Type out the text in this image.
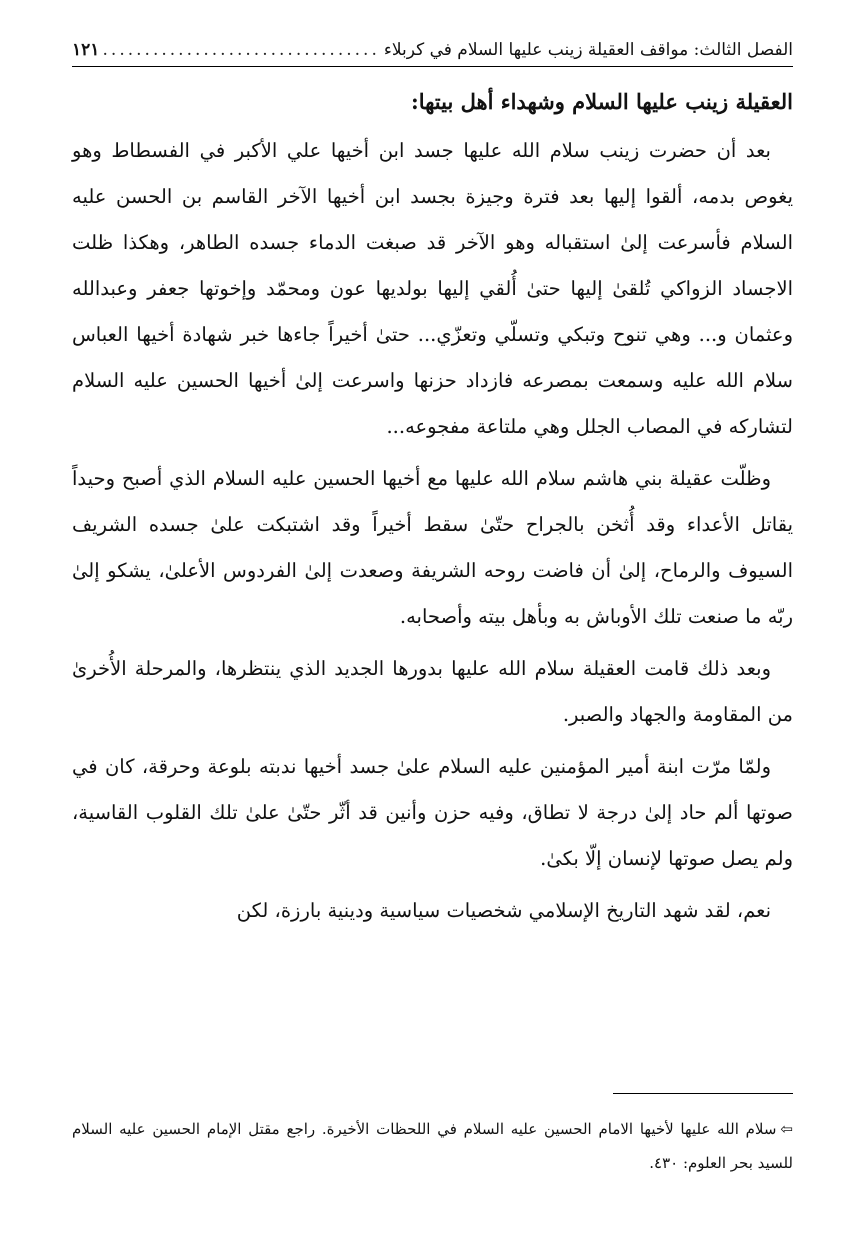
الفصل الثالث: مواقف العقيلة زينب عليها السلام في كربلاء
.....
١٢١
العقيلة زينب عليها السلام وشهداء أهل بيتها:

بعد أن حضرت زينب سلام الله عليها جسد ابن أخيها علي الأكبر في الفسطاط وهو يغوص بدمه، ألقوا إليها بعد فترة وجيزة بجسد ابن أخيها الآخر القاسم بن الحسن عليه السلام فأسرعت إلىٰ استقباله وهو الآخر قد صبغت الدماء جسده الطاهر، وهكذا ظلت الاجساد الزواكي تُلقىٰ إليها حتىٰ أُلقي إليها بولديها عون ومحمّد وإخوتها جعفر وعبدالله وعثمان و... وهي تنوح وتبكي وتسلّي وتعزّي... حتىٰ أخيراً جاءها خبر شهادة أخيها العباس سلام الله عليه وسمعت بمصرعه فازداد حزنها واسرعت إلىٰ أخيها الحسين عليه السلام لتشاركه في المصاب الجلل وهي ملتاعة مفجوعه...

وظلّت عقيلة بني هاشم سلام الله عليها مع أخيها الحسين عليه السلام الذي أصبح وحيداً يقاتل الأعداء وقد أُثخن بالجراح حتّىٰ سقط أخيراً وقد اشتبكت علىٰ جسده الشريف السيوف والرماح، إلىٰ أن فاضت روحه الشريفة وصعدت إلىٰ الفردوس الأعلىٰ، يشكو إلىٰ ربّه ما صنعت تلك الأوباش به وبأهل بيته وأصحابه.

وبعد ذلك قامت العقيلة سلام الله عليها بدورها الجديد الذي ينتظرها، والمرحلة الأُخرىٰ من المقاومة والجهاد والصبر.

ولمّا مرّت ابنة أمير المؤمنين عليه السلام علىٰ جسد أخيها ندبته بلوعة وحرقة، كان في صوتها ألم حاد إلىٰ درجة لا تطاق، وفيه حزن وأنين قد أثّر حتّىٰ علىٰ تلك القلوب القاسية، ولم يصل صوتها لإنسان إلّا بكىٰ.

نعم، لقد شهد التاريخ الإسلامي شخصيات سياسية ودينية بارزة، لكن

⇦سلام الله عليها لأخيها الامام الحسين عليه السلام في اللحظات الأخيرة. راجع مقتل الإمام الحسين عليه السلام للسيد بحر العلوم: ٤٣٠.
